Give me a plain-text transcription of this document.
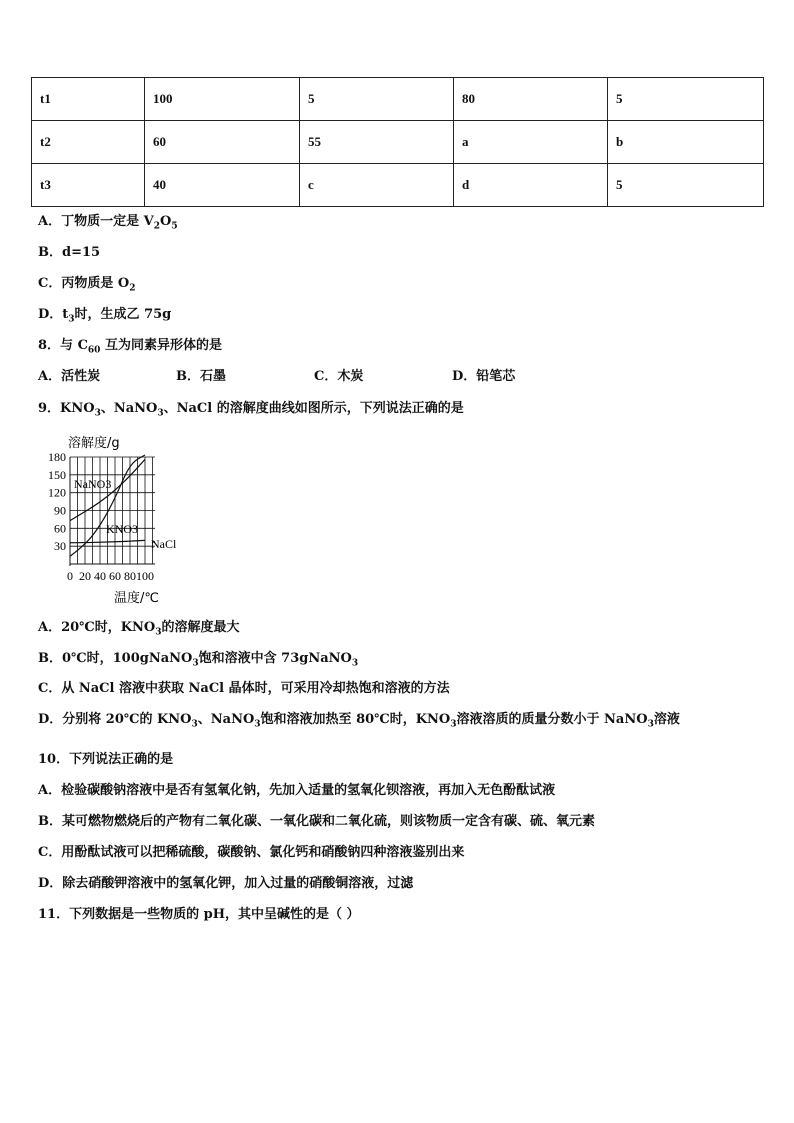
t1	100	5	80	5
t2	60	55	a	b
t3	40	c	d	5
A．丁物质一定是 $V_2O_5$
B．d=15
C．丙物质是 $O_2$
D．$t_3$时，生成乙 75g
8．与 $C_{60}$ 互为同素异形体的是
A．活性炭	B．石墨	C．木炭	D．铅笔芯
9．$KNO_3$、NaNO$_3$、NaCl 的溶解度曲线如图所示，下列说法正确的是
30
60
90
120
150
180
0 20 40 60 80 100
溶解度/g
温度/℃
NaNO3
KNO3
NaCl
A．20℃时，$KNO_3$的溶解度最大
B．0℃时，100gNaNO$_3$饱和溶液中含 73gNaNO$_3$
C．从 NaCl 溶液中获取 NaCl 晶体时，可采用冷却热饱和溶液的方法
D．分别将 20℃的 $KNO_3$、NaNO$_3$饱和溶液加热至 80℃时，$KNO_3$溶液溶质的质量分数小于 NaNO$_3$溶液
10．下列说法正确的是
A．检验碳酸钠溶液中是否有氢氧化钠，先加入适量的氢氧化钡溶液，再加入无色酚酞试液
B．某可燃物燃烧后的产物有二氧化碳、一氧化碳和二氧化硫，则该物质一定含有碳、硫、氧元素
C．用酚酞试液可以把稀硫酸，碳酸钠、氯化钙和硝酸钠四种溶液鉴别出来
D．除去硝酸钾溶液中的氢氧化钾，加入过量的硝酸铜溶液，过滤
11．下列数据是一些物质的 pH，其中呈碱性的是（ ）
